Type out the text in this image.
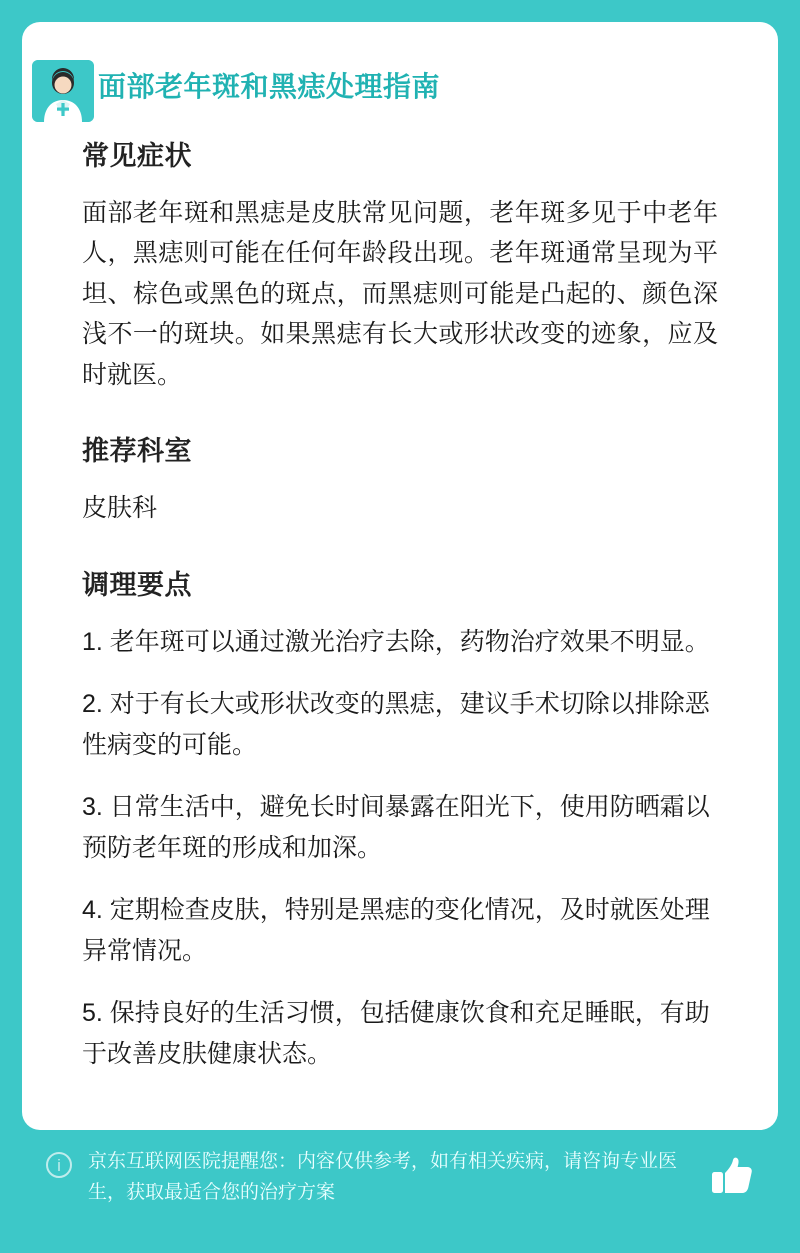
面部老年斑和黑痣处理指南
常见症状

面部老年斑和黑痣是皮肤常见问题，老年斑多见于中老年人，黑痣则可能在任何年龄段出现。老年斑通常呈现为平坦、棕色或黑色的斑点，而黑痣则可能是凸起的、颜色深浅不一的斑块。如果黑痣有长大或形状改变的迹象，应及时就医。

推荐科室

皮肤科

调理要点

1. 老年斑可以通过激光治疗去除，药物治疗效果不明显。

2. 对于有长大或形状改变的黑痣，建议手术切除以排除恶性病变的可能。

3. 日常生活中，避免长时间暴露在阳光下，使用防晒霜以预防老年斑的形成和加深。

4. 定期检查皮肤，特别是黑痣的变化情况，及时就医处理异常情况。

5. 保持良好的生活习惯，包括健康饮食和充足睡眠，有助于改善皮肤健康状态。

i	京东互联网医院提醒您：内容仅供参考，如有相关疾病，请咨询专业医生，获取最适合您的治疗方案
